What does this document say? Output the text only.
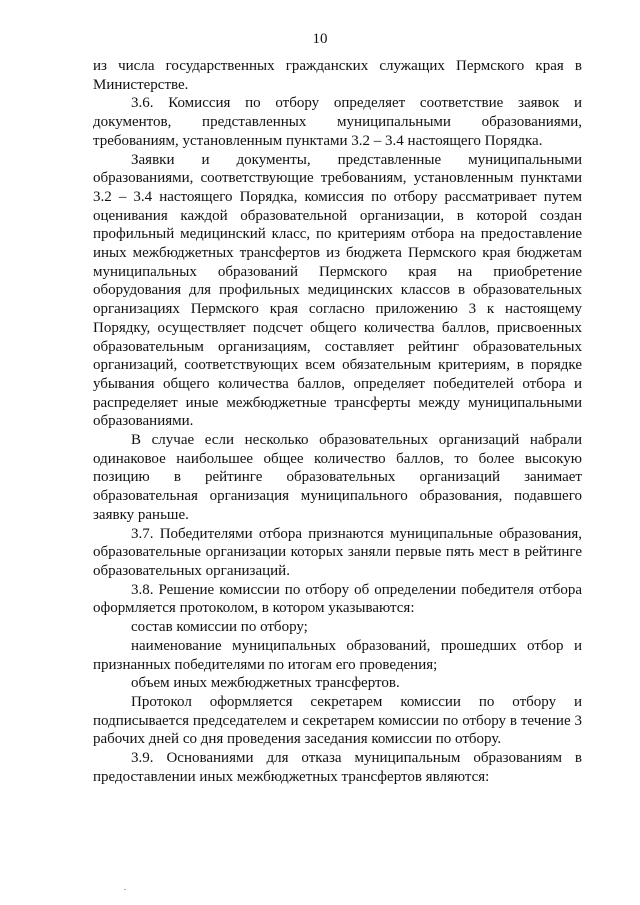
10

из числа государственных гражданских служащих Пермского края в Министерстве.

3.6. Комиссия по отбору определяет соответствие заявок и документов, представленных муниципальными образованиями, требованиям, установленным пунктами 3.2 – 3.4 настоящего Порядка.

Заявки и документы, представленные муниципальными образованиями, соответствующие требованиям, установленным пунктами 3.2 – 3.4 настоящего Порядка, комиссия по отбору рассматривает путем оценивания каждой образовательной организации, в которой создан профильный медицинский класс, по критериям отбора на предоставление иных межбюджетных трансфертов из бюджета Пермского края бюджетам муниципальных образований Пермского края на приобретение оборудования для профильных медицинских классов в образовательных организациях Пермского края согласно приложению 3 к настоящему Порядку, осуществляет подсчет общего количества баллов, присвоенных образовательным организациям, составляет рейтинг образовательных организаций, соответствующих всем обязательным критериям, в порядке убывания общего количества баллов, определяет победителей отбора и распределяет иные межбюджетные трансферты между муниципальными образованиями.

В случае если несколько образовательных организаций набрали одинаковое наибольшее общее количество баллов, то более высокую позицию в рейтинге образовательных организаций занимает образовательная организация муниципального образования, подавшего заявку раньше.

3.7. Победителями отбора признаются муниципальные образования, образовательные организации которых заняли первые пять мест в рейтинге образовательных организаций.

3.8. Решение комиссии по отбору об определении победителя отбора оформляется протоколом, в котором указываются:

состав комиссии по отбору;

наименование муниципальных образований, прошедших отбор и признанных победителями по итогам его проведения;

объем иных межбюджетных трансфертов.

Протокол оформляется секретарем комиссии по отбору и подписывается председателем и секретарем комиссии по отбору в течение 3 рабочих дней со дня проведения заседания комиссии по отбору.

3.9. Основаниями для отказа муниципальным образованиям в предоставлении иных межбюджетных трансфертов являются:
